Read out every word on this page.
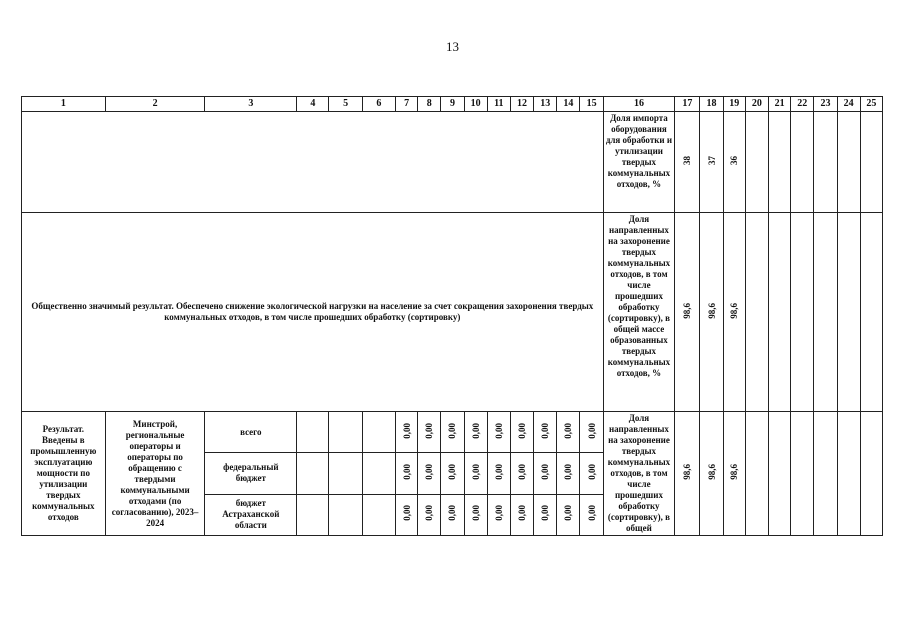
13
1	2	3	4	5	6	7	8	9	10	11	12	13	14	15	16	17	18	19	20	21	22	23	24	25
															Доля импорта оборудования для обработки и утилизации твердых коммунальных отходов, %	38	37	36						
Общественно значимый результат. Обеспечено снижение экологической нагрузки на население за счет сокращения захоронения твердых коммунальных отходов, в том числе прошедших обработку (сортировку)															Доля направленных на захоронение твердых коммунальных отходов, в том числе прошедших обработку (сортировку), в общей массе образованных твердых коммунальных отходов, %	98,6	98,6	98,6						
Результат. Введены в промышленную эксплуатацию мощности по утилизации твердых коммунальных отходов	Минстрой, региональные операторы и операторы по обращению с твердыми коммунальными отходами (по согласованию), 2023–2024	всего				0,00	0,00	0,00	0,00	0,00	0,00	0,00	0,00	0,00	Доля направленных на захоронение твердых коммунальных отходов, в том числе прошедших обработку (сортировку), в общей	98,6	98,6	98,6						
		федеральный бюджет				0,00	0,00	0,00	0,00	0,00	0,00	0,00	0,00	0,00										
		бюджет Астраханской области				0,00	0,00	0,00	0,00	0,00	0,00	0,00	0,00	0,00										
